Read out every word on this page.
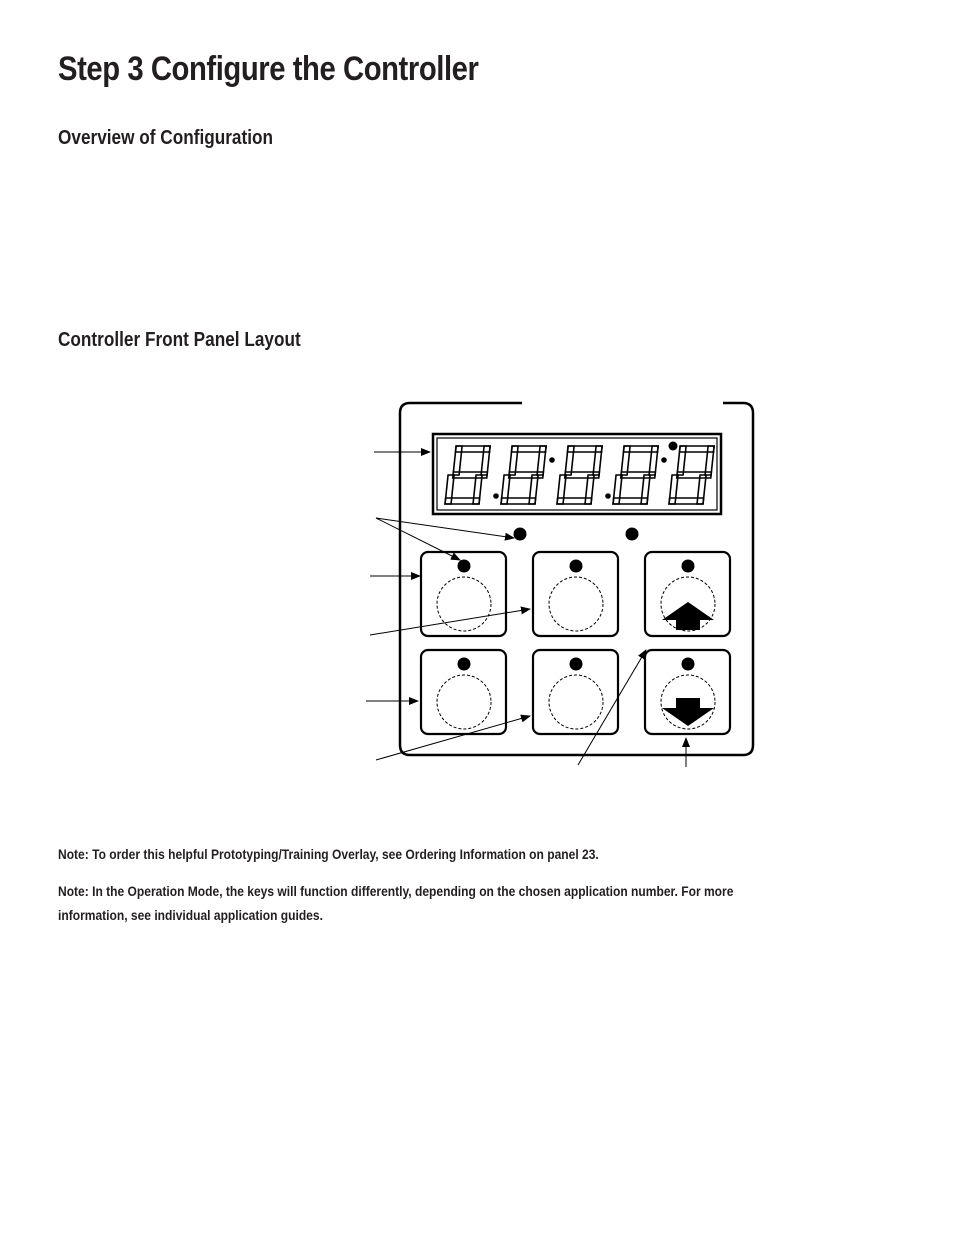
Step 3 Configure the Controller
Overview of Configuration
Controller Front Panel Layout
Note: To order this helpful Prototyping/Training Overlay, see Ordering Information on panel 23.
Note: In the Operation Mode, the keys will function differently, depending on the chosen application number. For more information, see individual application guides.
